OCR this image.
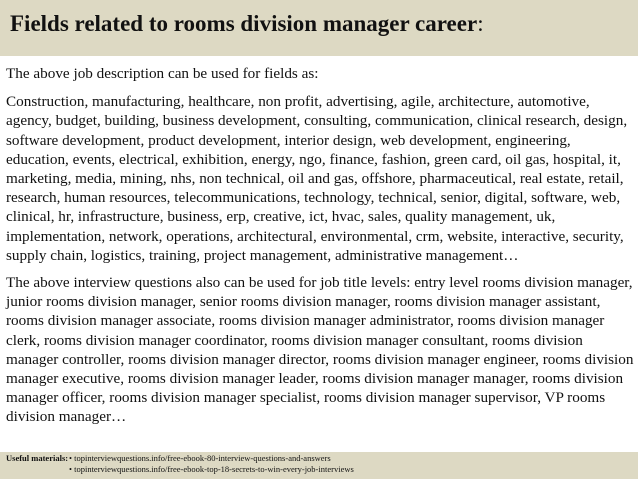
Fields related to rooms division manager career:

The above job description can be used for fields as:

Construction, manufacturing, healthcare, non profit, advertising, agile, architecture, automotive, agency, budget, building, business development, consulting, communication, clinical research, design, software development, product development, interior design, web development, engineering, education, events, electrical, exhibition, energy, ngo, finance, fashion, green card, oil gas, hospital, it, marketing, media, mining, nhs, non technical, oil and gas, offshore, pharmaceutical, real estate, retail, research, human resources, telecommunications, technology, technical, senior, digital, software, web, clinical, hr, infrastructure, business, erp, creative, ict, hvac, sales, quality management, uk, implementation, network, operations, architectural, environmental, crm, website, interactive, security, supply chain, logistics, training, project management, administrative management…

The above interview questions also can be used for job title levels: entry level rooms division manager, junior rooms division manager, senior rooms division manager, rooms division manager assistant, rooms division manager associate, rooms division manager administrator, rooms division manager clerk, rooms division manager coordinator, rooms division manager consultant, rooms division manager controller, rooms division manager director, rooms division manager engineer, rooms division manager executive, rooms division manager leader, rooms division manager manager, rooms division manager officer, rooms division manager specialist, rooms division manager supervisor, VP rooms division manager…

Useful materials: • topinterviewquestions.info/free-ebook-80-interview-questions-and-answers
• topinterviewquestions.info/free-ebook-top-18-secrets-to-win-every-job-interviews
